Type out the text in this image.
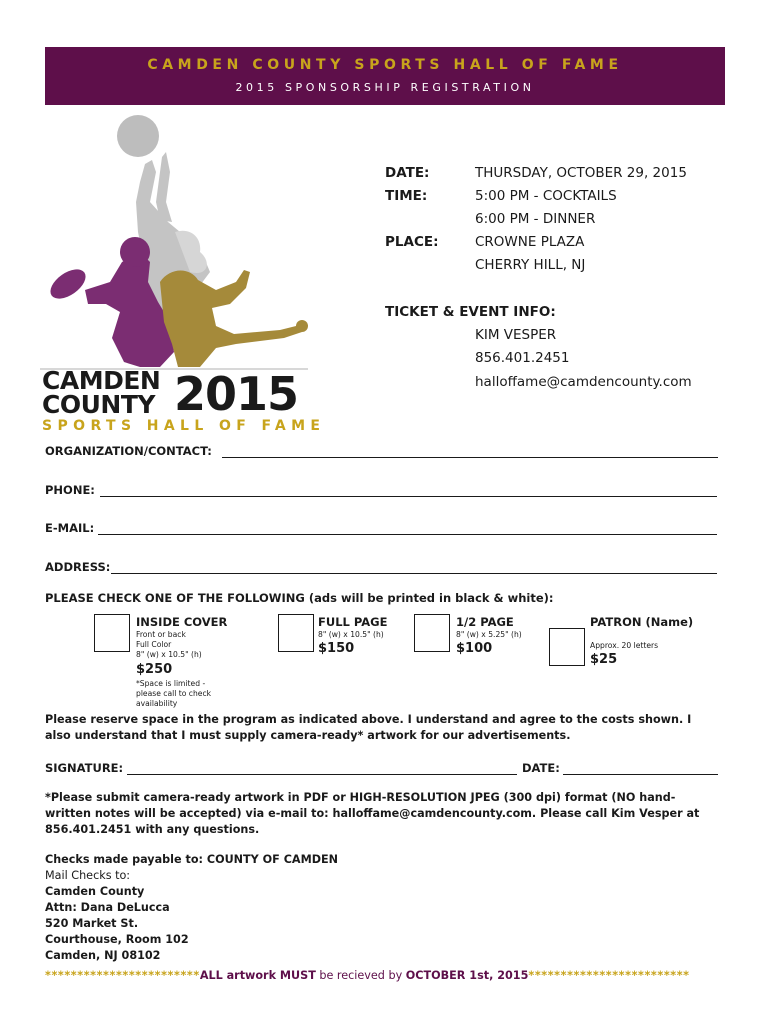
CAMDEN COUNTY SPORTS HALL OF FAME
2015 SPONSORSHIP REGISTRATION
CAMDEN
COUNTY 2015
SPORTS HALL OF FAME
DATE:	THURSDAY, OCTOBER 29, 2015
TIME:	5:00 PM - COCKTAILS
6:00 PM - DINNER
PLACE:	CROWNE PLAZA
CHERRY HILL, NJ
TICKET & EVENT INFO:
KIM VESPER
856.401.2451
halloffame@camdencounty.com
ORGANIZATION/CONTACT:
PHONE:
E-MAIL:
ADDRESS:
PLEASE CHECK ONE OF THE FOLLOWING (ads will be printed in black & white):
INSIDE COVER
Front or back
Full Color
8" (w) x 10.5" (h)
$250
*Space is limited -
please call to check
availability
FULL PAGE
8" (w) x 10.5" (h)
$150
1/2 PAGE
8" (w) x 5.25" (h)
$100
PATRON (Name)
Approx. 20 letters
$25
Please reserve space in the program as indicated above. I understand and agree to the costs shown. I
also understand that I must supply camera-ready* artwork for our advertisements.
SIGNATURE:	DATE:
*Please submit camera-ready artwork in PDF or HIGH-RESOLUTION JPEG (300 dpi) format (NO hand-
written notes will be accepted) via e-mail to: halloffame@camdencounty.com. Please call Kim Vesper at
856.401.2451 with any questions.
Checks made payable to: COUNTY OF CAMDEN
Mail Checks to:
Camden County
Attn: Dana DeLucca
520 Market St.
Courthouse, Room 102
Camden, NJ 08102
************************ALL artwork MUST be recieved by OCTOBER 1st, 2015*************************
